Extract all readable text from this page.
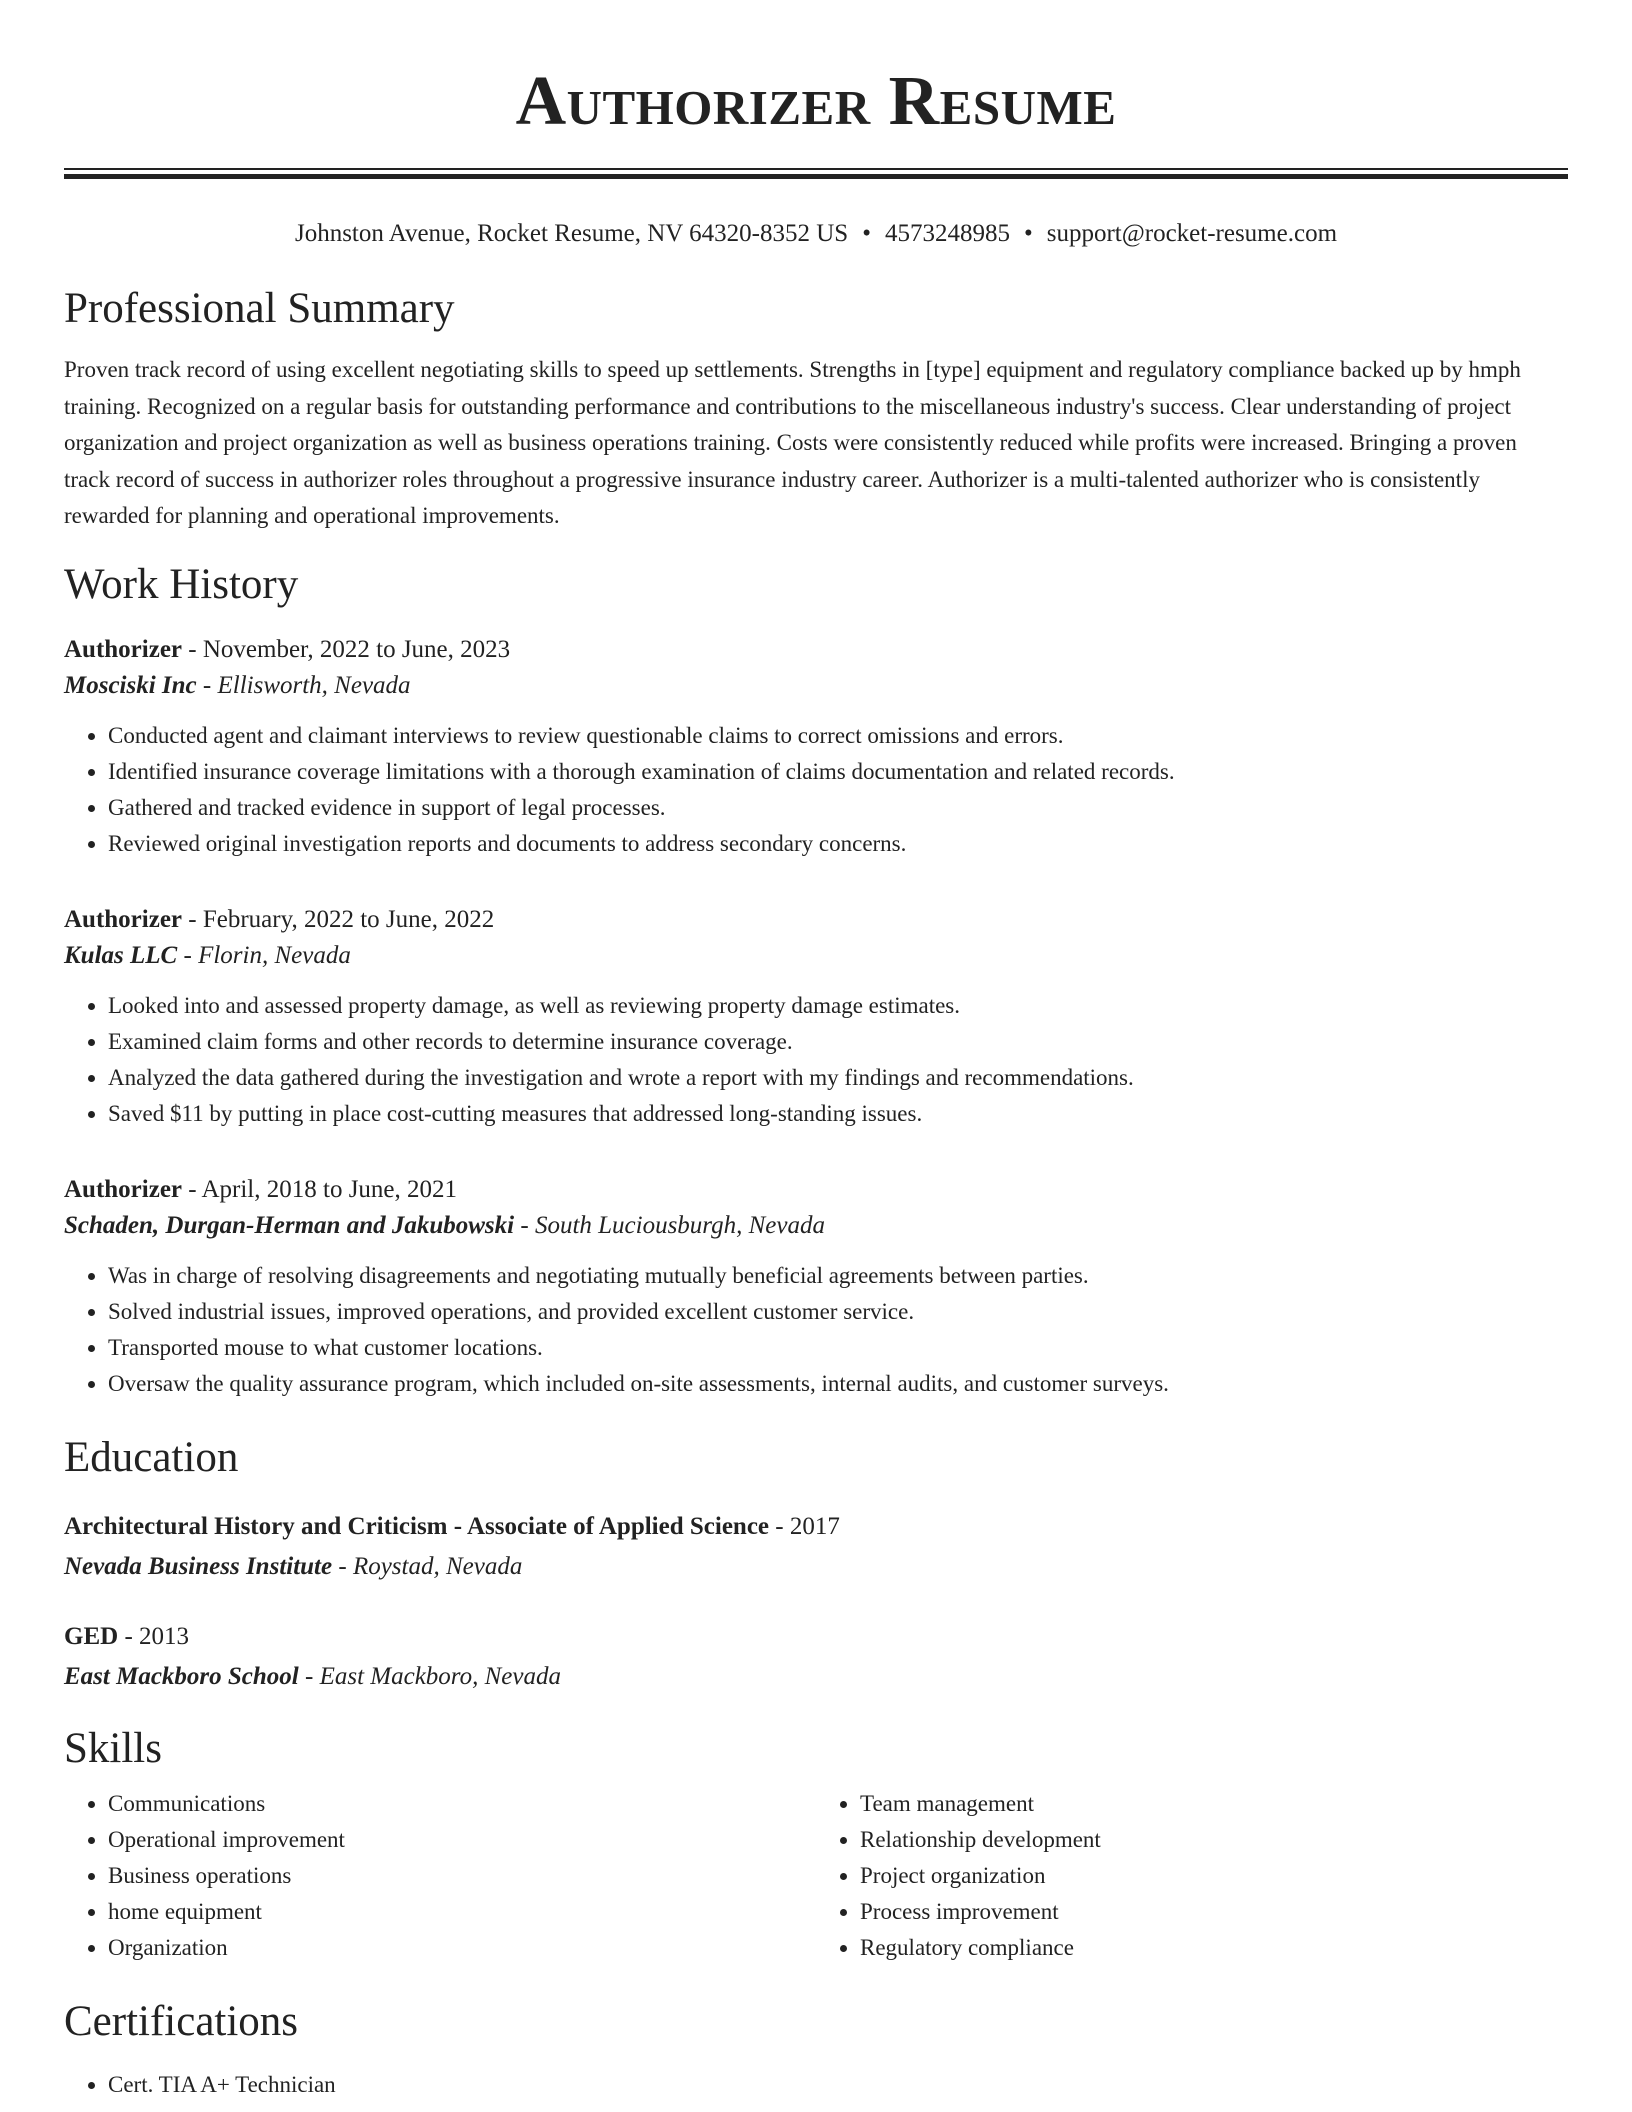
Authorizer Resume
Johnston Avenue, Rocket Resume, NV 64320-8352 US • 4573248985 • support@rocket-resume.com
Professional Summary

Proven track record of using excellent negotiating skills to speed up settlements. Strengths in [type] equipment and regulatory compliance backed up by hmph training. Recognized on a regular basis for outstanding performance and contributions to the miscellaneous industry's success. Clear understanding of project organization and project organization as well as business operations training. Costs were consistently reduced while profits were increased. Bringing a proven track record of success in authorizer roles throughout a progressive insurance industry career. Authorizer is a multi-talented authorizer who is consistently rewarded for planning and operational improvements.

Work History
Authorizer - November, 2022 to June, 2023
Mosciski Inc - Ellisworth, Nevada
• Conducted agent and claimant interviews to review questionable claims to correct omissions and errors.
• Identified insurance coverage limitations with a thorough examination of claims documentation and related records.
• Gathered and tracked evidence in support of legal processes.
• Reviewed original investigation reports and documents to address secondary concerns.
Authorizer - February, 2022 to June, 2022
Kulas LLC - Florin, Nevada
• Looked into and assessed property damage, as well as reviewing property damage estimates.
• Examined claim forms and other records to determine insurance coverage.
• Analyzed the data gathered during the investigation and wrote a report with my findings and recommendations.
• Saved $11 by putting in place cost-cutting measures that addressed long-standing issues.
Authorizer - April, 2018 to June, 2021
Schaden, Durgan-Herman and Jakubowski - South Luciousburgh, Nevada
• Was in charge of resolving disagreements and negotiating mutually beneficial agreements between parties.
• Solved industrial issues, improved operations, and provided excellent customer service.
• Transported mouse to what customer locations.
• Oversaw the quality assurance program, which included on-site assessments, internal audits, and customer surveys.
Education
Architectural History and Criticism - Associate of Applied Science - 2017
Nevada Business Institute - Roystad, Nevada
GED - 2013
East Mackboro School - East Mackboro, Nevada
Skills
• Communications
• Operational improvement
• Business operations
• home equipment
• Organization
• Team management
• Relationship development
• Project organization
• Process improvement
• Regulatory compliance
Certifications
• Cert. TIA A+ Technician
